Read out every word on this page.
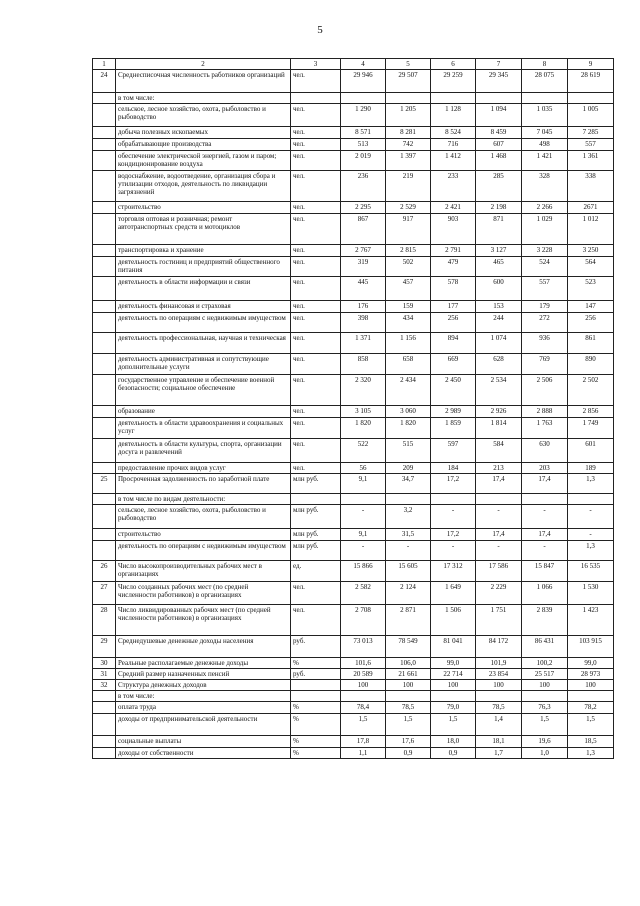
5
1	2	3	4	5	6	7	8	9
24	Среднесписочная численность работников организаций	чел.	29 946	29 507	29 259	29 345	28 075	28 619
	в том числе:							
	сельское, лесное хозяйство, охота, рыболовство и рыбоводство	чел.	1 290	1 205	1 128	1 094	1 035	1 005
	добыча полезных ископаемых	чел.	8 571	8 281	8 524	8 459	7 045	7 285
	обрабатывающие производства	чел.	513	742	716	607	498	557
	обеспечение электрической энергией, газом и паром; кондиционирование воздуха	чел.	2 019	1 397	1 412	1 468	1 421	1 361
	водоснабжение, водоотведение, организация сбора и утилизации отходов, деятельность по ликвидации загрязнений	чел.	236	219	233	285	328	338
	строительство	чел.	2 295	2 529	2 421	2 198	2 266	2671
	торговля оптовая и розничная; ремонт автотранспортных средств и мотоциклов	чел.	867	917	903	871	1 029	1 012
	транспортировка и хранение	чел.	2 767	2 815	2 791	3 127	3 228	3 250
	деятельность гостиниц и предприятий общественного питания	чел.	319	502	479	465	524	564
	деятельность в области информации и связи	чел.	445	457	578	600	557	523
	деятельность финансовая и страховая	чел.	176	159	177	153	179	147
	деятельность по операциям с недвижимым имуществом	чел.	398	434	256	244	272	256
	деятельность профессиональная, научная и техническая	чел.	1 371	1 156	894	1 074	936	861
	деятельность административная и сопутствующие дополнительные услуги	чел.	858	658	669	628	769	890
	государственное управление и обеспечение военной безопасности; социальное обеспечение	чел.	2 320	2 434	2 450	2 534	2 506	2 502
	образование	чел.	3 105	3 060	2 989	2 926	2 888	2 856
	деятельность в области здравоохранения и социальных услуг	чел.	1 820	1 820	1 859	1 814	1 763	1 749
	деятельность в области культуры, спорта, организации досуга и развлечений	чел.	522	515	597	584	630	601
	предоставление прочих видов услуг	чел.	56	209	184	213	203	189
25	Просроченная задолженность по заработной плате	млн руб.	9,1	34,7	17,2	17,4	17,4	1,3
	в том числе по видам деятельности:							
	сельское, лесное хозяйство, охота, рыболовство и рыбоводство	млн руб.	-	3,2	-	-	-	-
	строительство	млн руб.	9,1	31,5	17,2	17,4	17,4	-
	деятельность по операциям с недвижимым имуществом	млн руб.	-	-	-	-	-	1,3
26	Число высокопроизводительных рабочих мест в организациях	ед.	15 866	15 605	17 312	17 586	15 847	16 535
27	Число созданных рабочих мест (по средней численности работников) в организациях	чел.	2 582	2 124	1 649	2 229	1 066	1 530
28	Число ликвидированных рабочих мест (по средней численности работников) в организациях	чел.	2 708	2 871	1 506	1 751	2 839	1 423
29	Среднедушевые денежные доходы населения	руб.	73 013	78 549	81 041	84 172	86 431	103 915
30	Реальные располагаемые денежные доходы	%	101,6	106,0	99,0	101,9	100,2	99,0
31	Средний размер назначенных пенсий	руб.	20 589	21 661	22 714	23 854	25 517	28 973
32	Структура денежных доходов		100	100	100	100	100	100
	в том числе:							
	оплата труда	%	78,4	78,5	79,0	78,5	76,3	78,2
	доходы от предпринимательской деятельности	%	1,5	1,5	1,5	1,4	1,5	1,5
	социальные выплаты	%	17,8	17,6	18,0	18,1	19,6	18,5
	доходы от собственности	%	1,1	0,9	0,9	1,7	1,0	1,3
